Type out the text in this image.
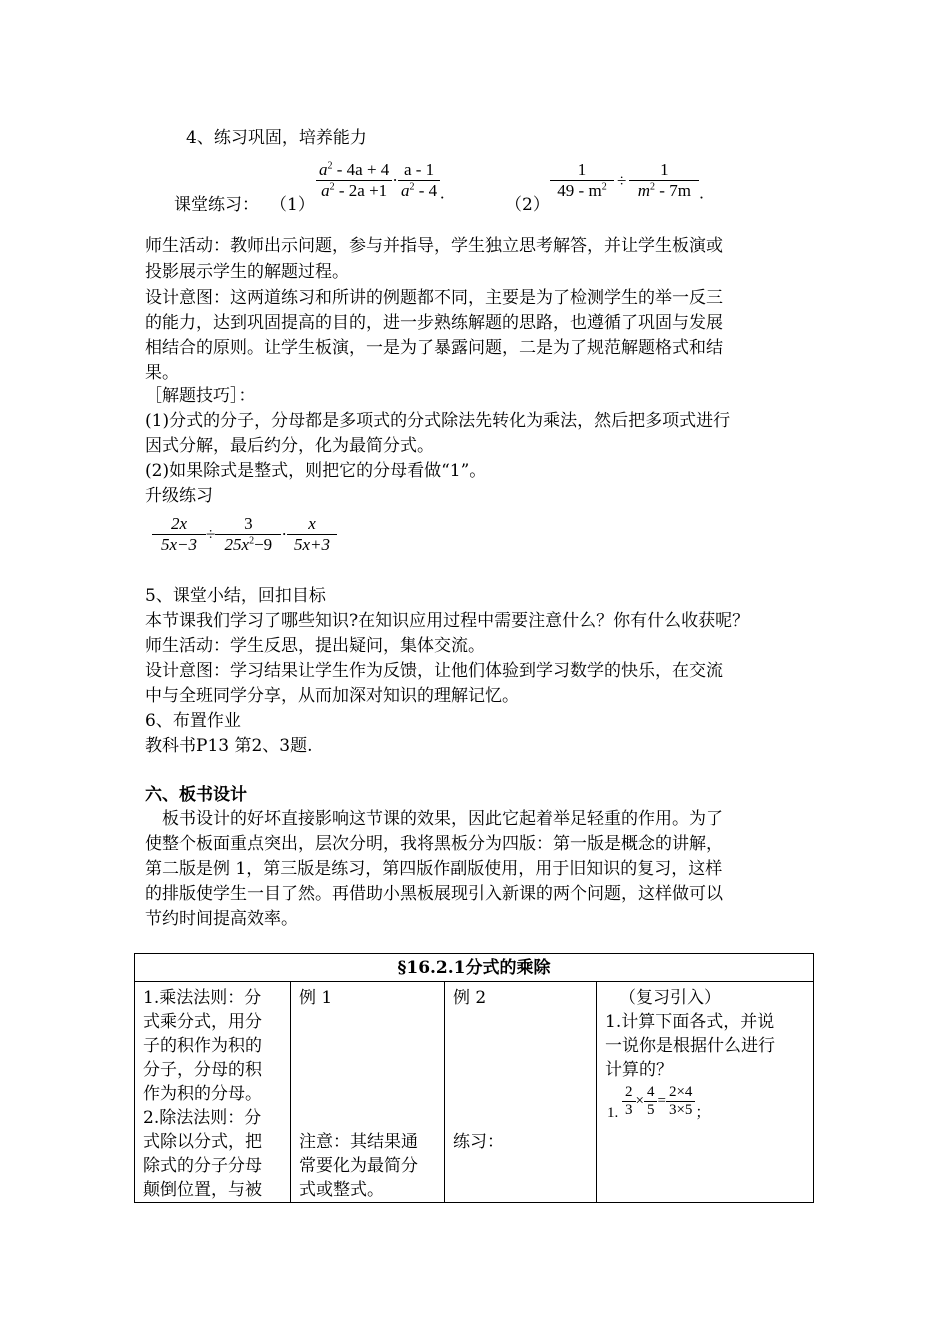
4、练习巩固，培养能力
课堂练习： （1）
$\frac{a^2 - 4a + 4}{a^2 - 2a +1} \cdot \frac{a - 1}{a^2 - 4}$ .
（2）
$\frac{1}{49 - m^2} \div \frac{1}{m^2 - 7m}$ .
师生活动：教师出示问题，参与并指导，学生独立思考解答，并让学生板演或
投影展示学生的解题过程。
设计意图：这两道练习和所讲的例题都不同，主要是为了检测学生的举一反三
的能力，达到巩固提高的目的，进一步熟练解题的思路，也遵循了巩固与发展
相结合的原则。让学生板演，一是为了暴露问题，二是为了规范解题格式和结
果。
［解题技巧］：
(1)分式的分子，分母都是多项式的分式除法先转化为乘法，然后把多项式进行
因式分解，最后约分，化为最简分式。
(2)如果除式是整式，则把它的分母看做“1”。
升级练习
$\frac{2x}{5x-3} \div \frac{3}{25x^2-9} \cdot \frac{x}{5x+3}$
5、课堂小结，回扣目标
本节课我们学习了哪些知识?在知识应用过程中需要注意什么？你有什么收获呢？
师生活动：学生反思，提出疑问，集体交流。
设计意图：学习结果让学生作为反馈，让他们体验到学习数学的快乐，在交流
中与全班同学分享，从而加深对知识的理解记忆。
6、布置作业
教科书P13 第2、3题.
六、板书设计
板书设计的好坏直接影响这节课的效果，因此它起着举足轻重的作用。为了
使整个板面重点突出，层次分明，我将黑板分为四版：第一版是概念的讲解，
第二版是例 1，第三版是练习，第四版作副版使用，用于旧知识的复习，这样
的排版使学生一目了然。再借助小黑板展现引入新课的两个问题，这样做可以
节约时间提高效率。
§16.2.1分式的乘除
1.乘法法则：分
式乘分式，用分
子的积作为积的
分子，分母的积
作为积的分母。
2.除法法则：分
式除以分式，把
除式的分子分母
颠倒位置，与被
例 1
注意：其结果通
常要化为最简分
式或整式。
例 2
练习：
（复习引入）
1.计算下面各式，并说
一说你是根据什么进行
计算的？
1. $\frac{2}{3} \times \frac{4}{5} = \frac{2\times 4}{3\times 5}$ ；
